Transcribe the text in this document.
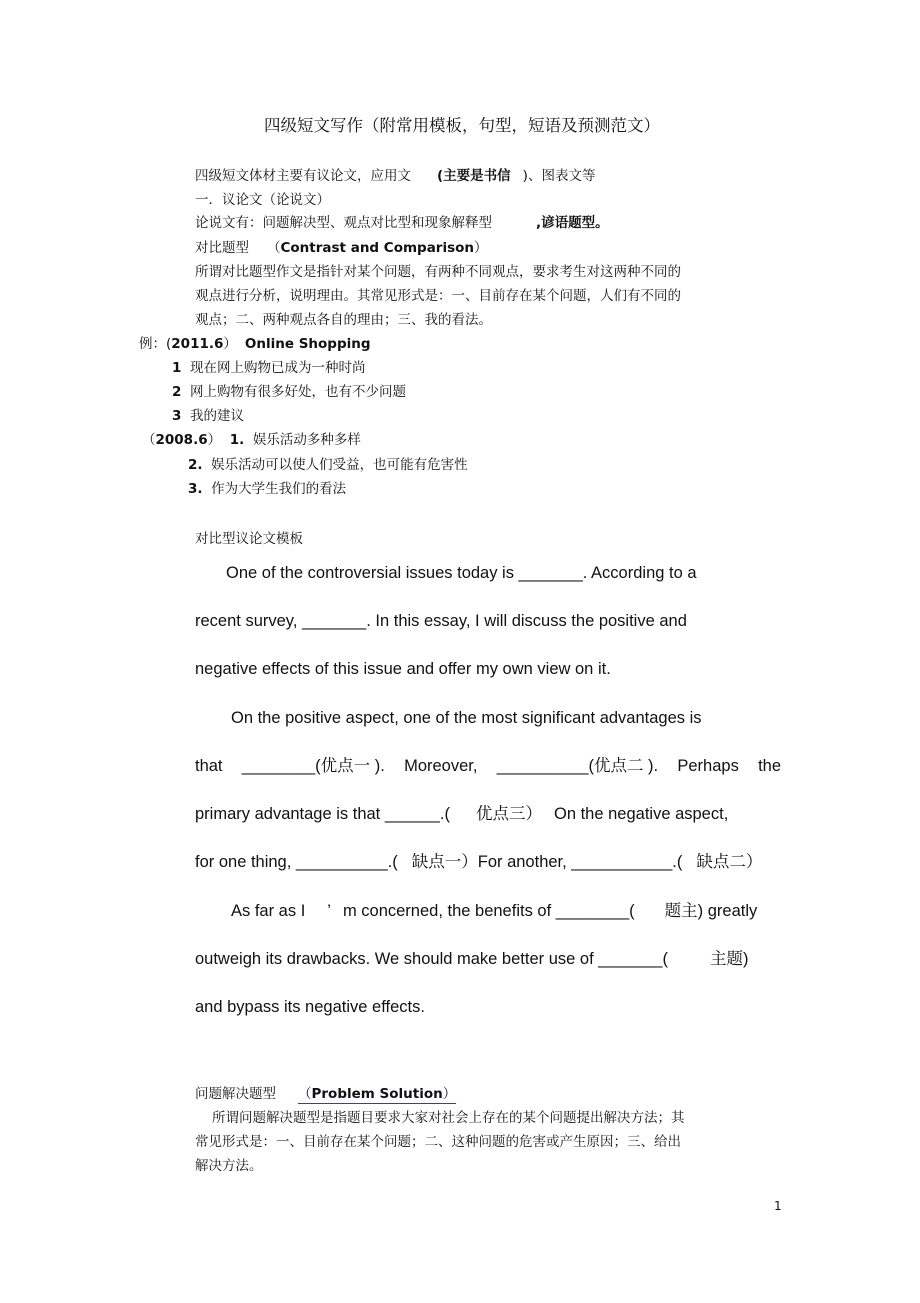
四级短文写作（附常用模板，句型，短语及预测范文）
四级短文体材主要有议论文，应用文 (主要是书信 )、图表文等
一．议论文（论说文）
论说文有：问题解决型、观点对比型和现象解释型	,谚语题型。
对比题型 （Contrast and Comparison）
所谓对比题型作文是指针对某个问题，有两种不同观点，要求考生对这两种不同的
观点进行分析，说明理由。其常见形式是：一、目前存在某个问题，人们有不同的
观点；二、两种观点各自的理由；三、我的看法。
例：(2011.6） Online Shopping
1 现在网上购物已成为一种时尚
2 网上购物有很多好处，也有不少问题
3 我的建议
（2008.6） 1. 娱乐活动多种多样
2. 娱乐活动可以使人们受益，也可能有危害性
3. 作为大学生我们的看法
对比型议论文模板
One of the controversial issues today is _______. According to a
recent survey, _______. In this essay, I will discuss the positive and
negative effects of this issue and offer my own view on it.
On the positive aspect, one of the most significant advantages is
that ________(优点一 ). Moreover, __________(优点二 ). Perhaps the
primary advantage is that ______.( 优点三） On the negative aspect,
for one thing, __________.( 缺点一）For another, ___________.( 缺点二）
As far as I ’ m concerned, the benefits of ________( 题主) greatly
outweigh its drawbacks. We should make better use of _______(	主题)
and bypass its negative effects.
问题解决题型 （Problem Solution）
所谓问题解决题型是指题目要求大家对社会上存在的某个问题提出解决方法；其
常见形式是：一、目前存在某个问题；二、这种问题的危害或产生原因；三、给出
解决方法。
1
